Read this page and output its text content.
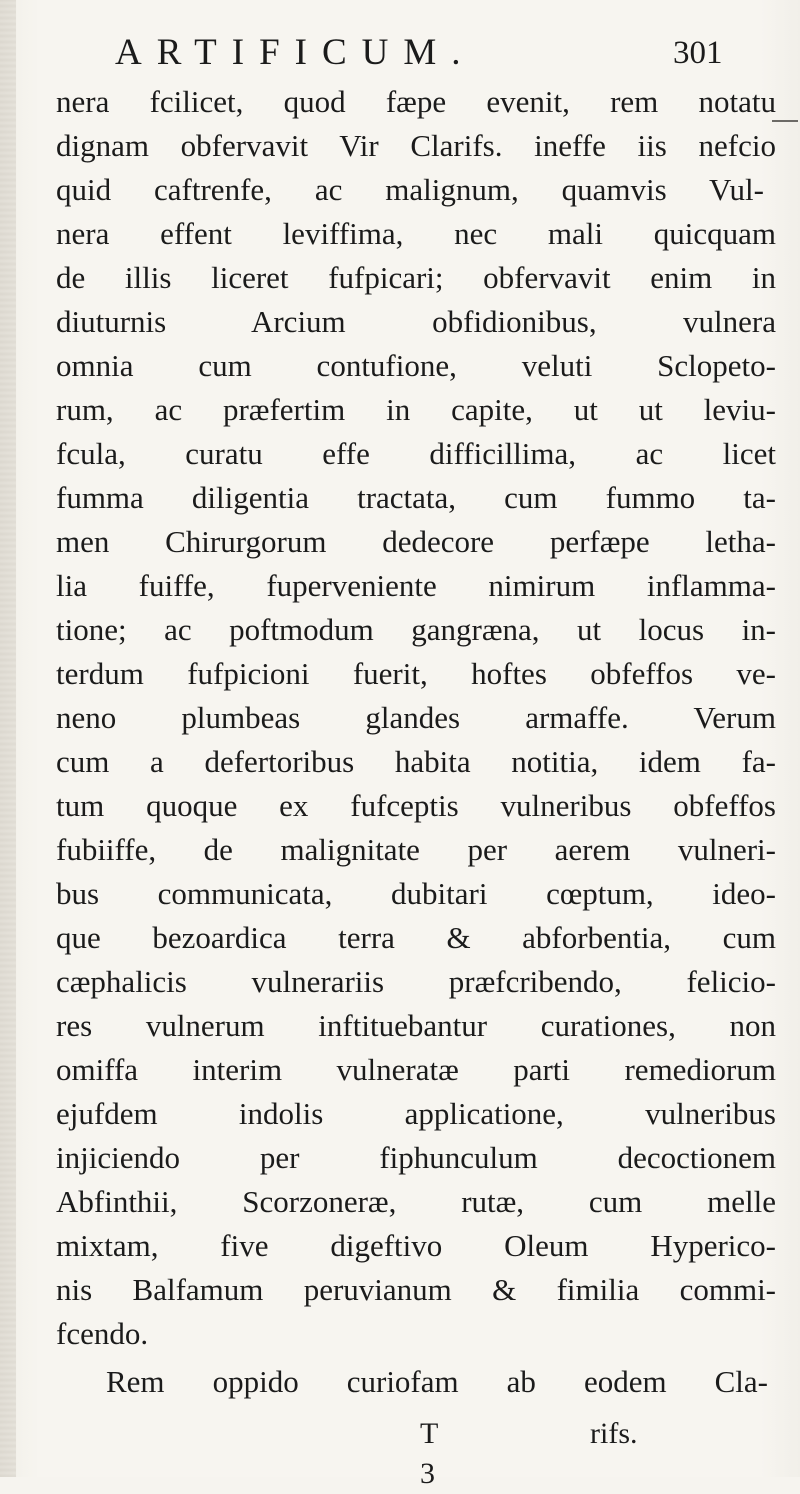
ARTIFICUM.	301
nera fcilicet, quod fæpe evenit, rem notatu
dignam obfervavit Vir Clarifs. ineffe iis nefcio
quid caftrenfe, ac malignum, quamvis Vul-
nera effent leviffima, nec mali quicquam
de illis liceret fufpicari; obfervavit enim in
diuturnis Arcium obfidionibus, vulnera
omnia cum contufione, veluti Sclopeto-
rum, ac præfertim in capite, ut ut leviu-
fcula, curatu effe difficillima, ac licet
fumma diligentia tractata, cum fummo ta-
men Chirurgorum dedecore perfæpe letha-
lia fuiffe, fuperveniente nimirum inflamma-
tione; ac poftmodum gangræna, ut locus in-
terdum fufpicioni fuerit, hoftes obfeffos ve-
neno plumbeas glandes armaffe. Verum
cum a defertoribus habita notitia, idem fa-
tum quoque ex fufceptis vulneribus obfeffos
fubiiffe, de malignitate per aerem vulneri-
bus communicata, dubitari cœptum, ideo-
que bezoardica terra & abforbentia, cum
cæphalicis vulnerariis præfcribendo, felicio-
res vulnerum inftituebantur curationes, non
omiffa interim vulneratæ parti remediorum
ejufdem indolis applicatione, vulneribus
injiciendo per fiphunculum decoctionem
Abfinthii, Scorzoneræ, rutæ, cum melle
mixtam, five digeftivo Oleum Hyperico-
nis Balfamum peruvianum & fimilia commi-
fcendo.
Rem oppido curiofam ab eodem Cla-
T 3
rifs.
